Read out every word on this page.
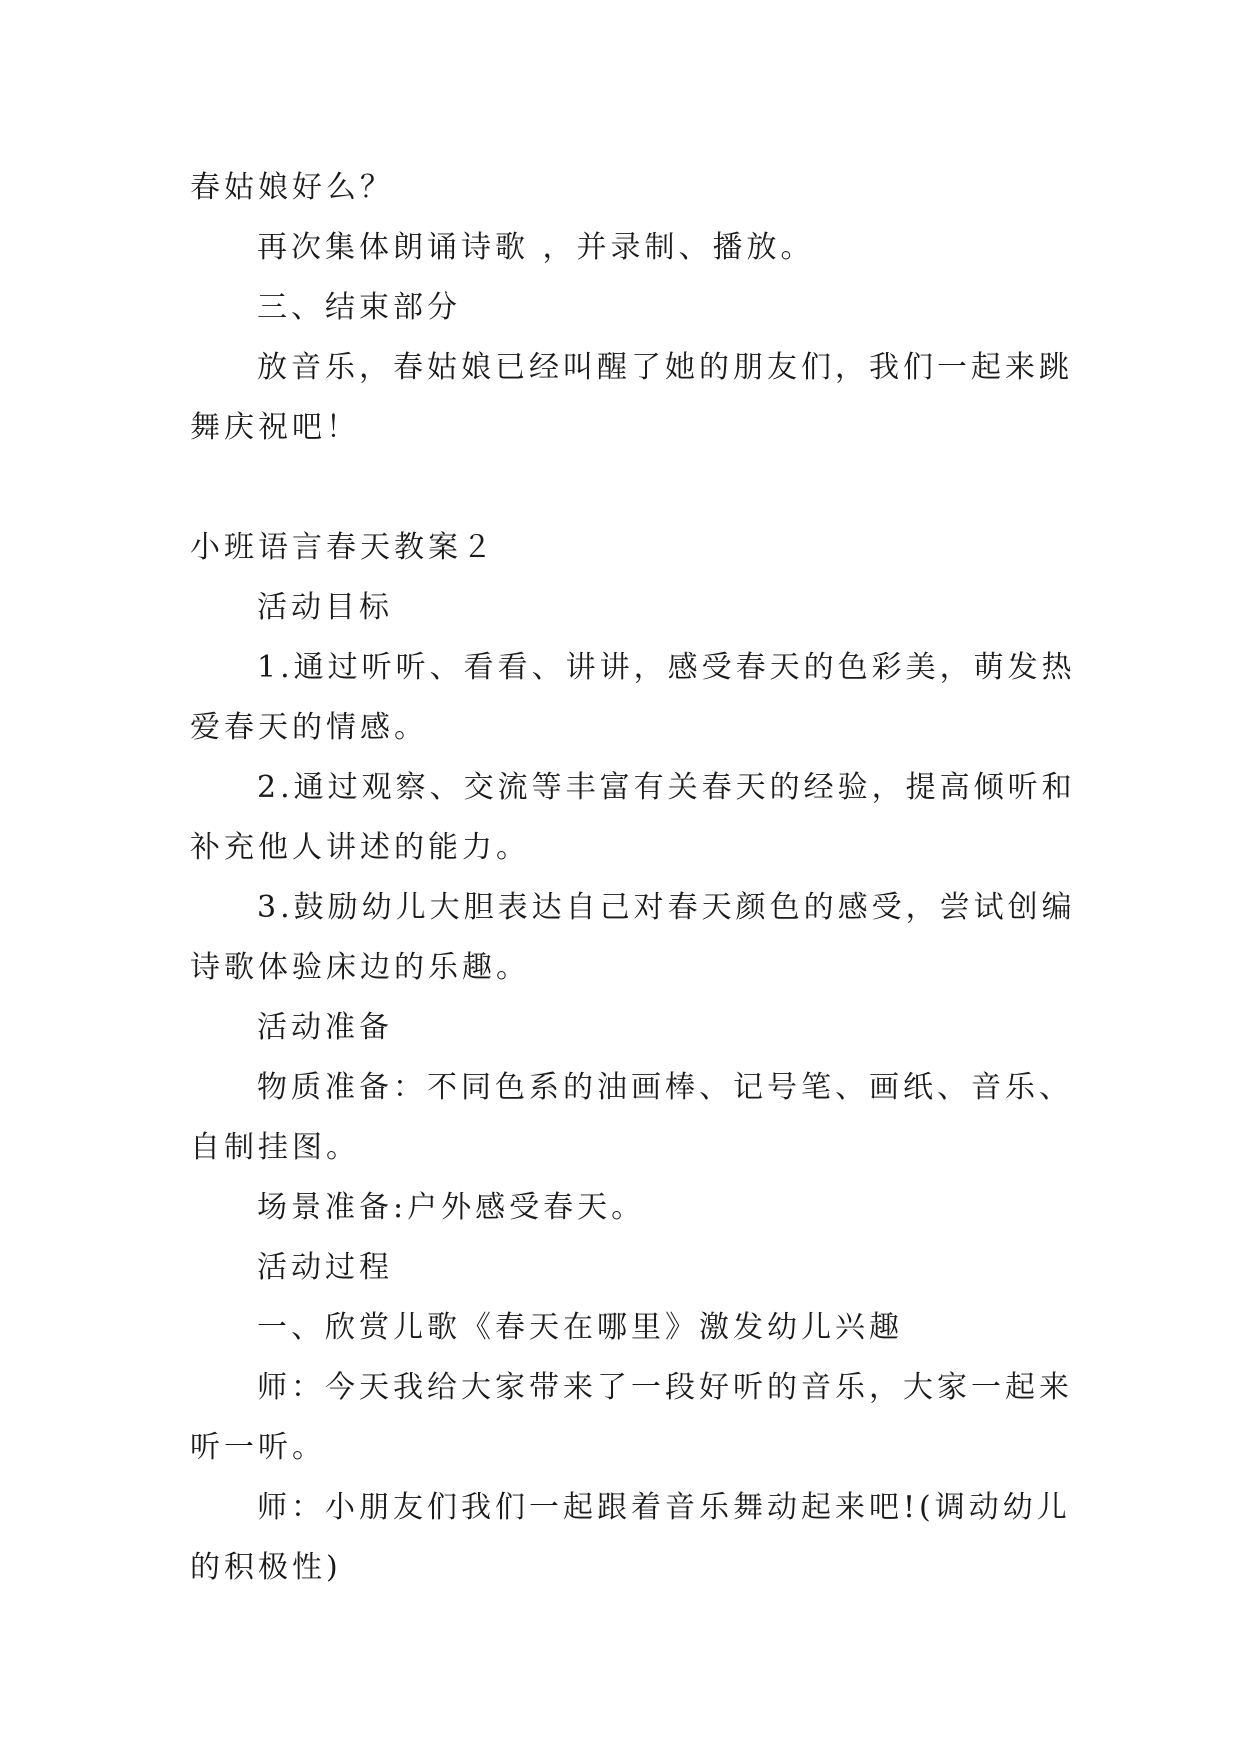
春姑娘好么？
再次集体朗诵诗歌 ，并录制、播放。
三、结束部分
放音乐，春姑娘已经叫醒了她的朋友们，我们一起来跳
舞庆祝吧！
小班语言春天教案２
活动目标
1.通过听听、看看、讲讲，感受春天的色彩美，萌发热
爱春天的情感。
2.通过观察、交流等丰富有关春天的经验，提高倾听和
补充他人讲述的能力。
3.鼓励幼儿大胆表达自己对春天颜色的感受，尝试创编
诗歌体验床边的乐趣。
活动准备
物质准备：不同色系的油画棒、记号笔、画纸、音乐、
自制挂图。
场景准备:户外感受春天。
活动过程
一、欣赏儿歌《春天在哪里》激发幼儿兴趣
师：今天我给大家带来了一段好听的音乐，大家一起来
听一听。
师：小朋友们我们一起跟着音乐舞动起来吧!(调动幼儿
的积极性)
